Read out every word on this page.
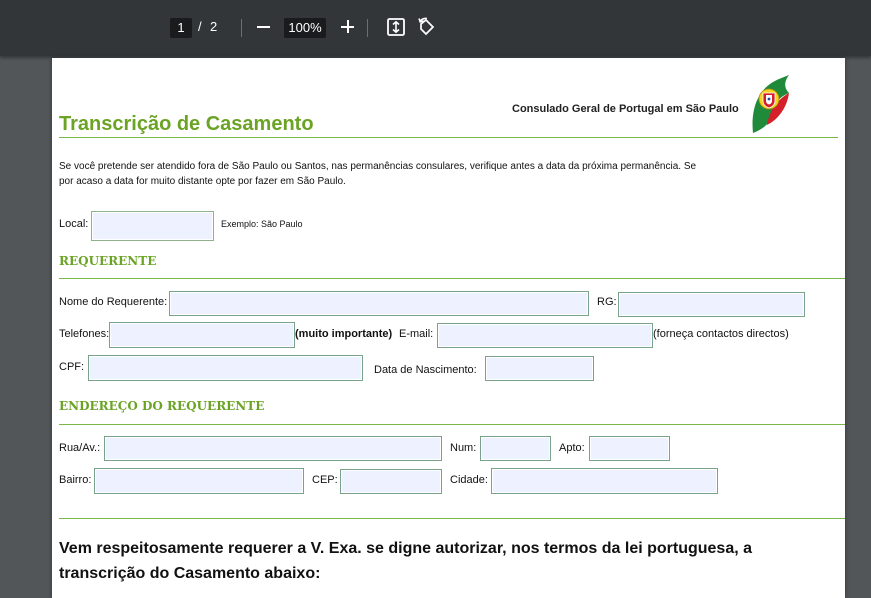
1	/ 2	100%
Transcrição de Casamento
Consulado Geral de Portugal em São Paulo
Se você pretende ser atendido fora de São Paulo ou Santos, nas permanências consulares, verifique antes a data da próxima permanência. Se
por acaso a data for muito distante opte por fazer em São Paulo.
Local:	Exemplo: São Paulo
REQUERENTE
Nome do Requerente:	RG:
Telefones:	(muito importante) E-mail:	(forneça contactos directos)
CPF:	Data de Nascimento:
ENDEREÇO DO REQUERENTE
Rua/Av.:	Num:	Apto:
Bairro:	CEP:	Cidade:
Vem respeitosamente requerer a V. Exa. se digne autorizar, nos termos da lei portuguesa, a transcrição do Casamento abaixo:
